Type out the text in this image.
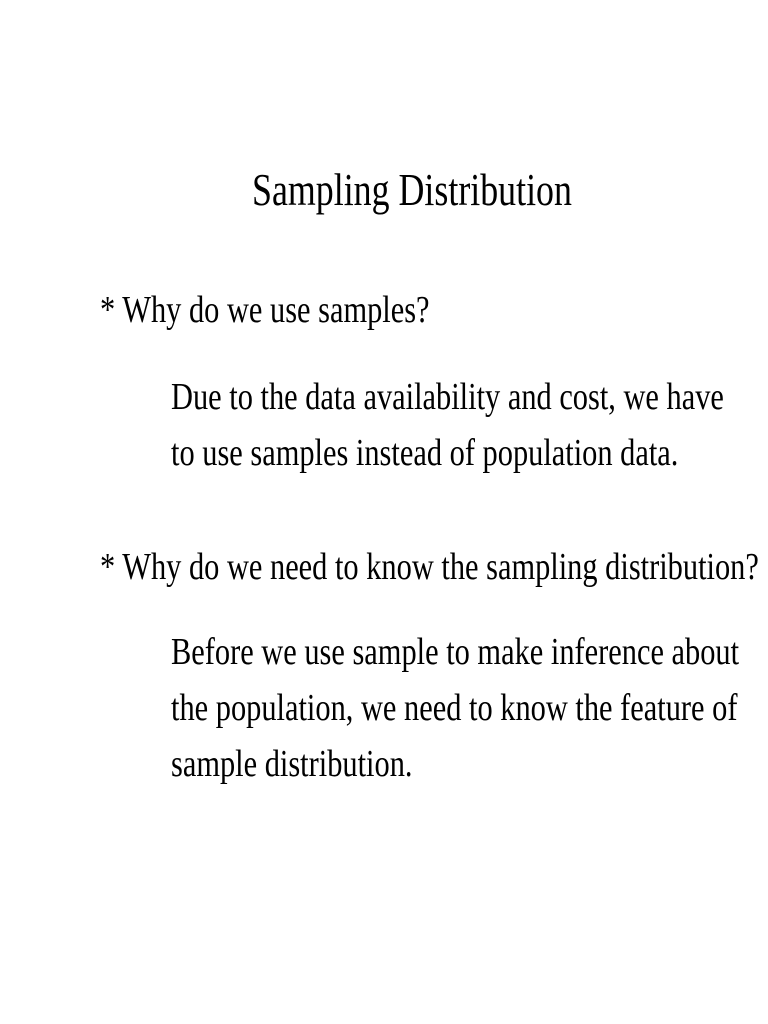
Sampling Distribution
* Why do we use samples?
Due to the data availability and cost, we have
to use samples instead of population data.
* Why do we need to know the sampling distribution?
Before we use sample to make inference about
the population, we need to know the feature of
sample distribution.
